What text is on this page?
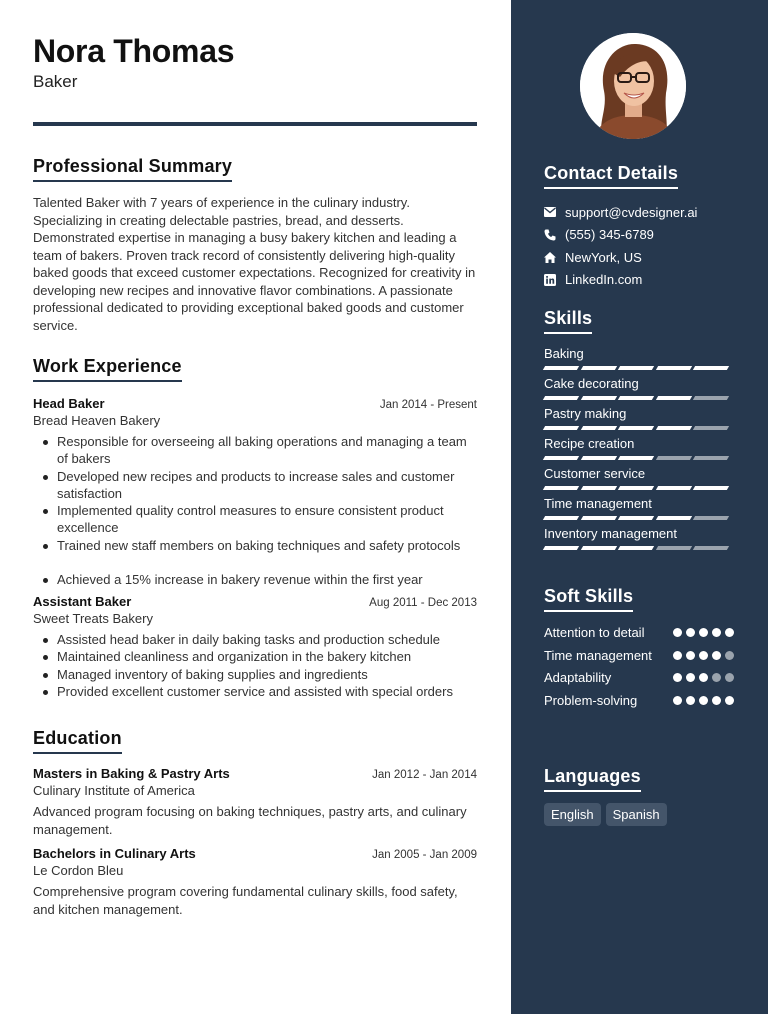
Nora Thomas
Baker
Professional Summary

Talented Baker with 7 years of experience in the culinary industry. Specializing in creating delectable pastries, bread, and desserts. Demonstrated expertise in managing a busy bakery kitchen and leading a team of bakers. Proven track record of consistently delivering high-quality baked goods that exceed customer expectations. Recognized for creativity in developing new recipes and innovative flavor combinations. A passionate professional dedicated to providing exceptional baked goods and customer service.

Work Experience
Head Baker	Jan 2014 - Present
Bread Heaven Bakery
Responsible for overseeing all baking operations and managing a team of bakers
Developed new recipes and products to increase sales and customer satisfaction
Implemented quality control measures to ensure consistent product excellence
Trained new staff members on baking techniques and safety protocols
Achieved a 15% increase in bakery revenue within the first year
Assistant Baker	Aug 2011 - Dec 2013
Sweet Treats Bakery
Assisted head baker in daily baking tasks and production schedule
Maintained cleanliness and organization in the bakery kitchen
Managed inventory of baking supplies and ingredients
Provided excellent customer service and assisted with special orders
Education
Masters in Baking & Pastry Arts	Jan 2012 - Jan 2014
Culinary Institute of America

Advanced program focusing on baking techniques, pastry arts, and culinary management.

Bachelors in Culinary Arts	Jan 2005 - Jan 2009
Le Cordon Bleu

Comprehensive program covering fundamental culinary skills, food safety, and kitchen management.

Contact Details
support@cvdesigner.ai
(555) 345-6789
NewYork, US
LinkedIn.com
Skills
Baking
Cake decorating
Pastry making
Recipe creation
Customer service
Time management
Inventory management
Soft Skills
Attention to detail
Time management
Adaptability
Problem-solving
Languages
English	Spanish
